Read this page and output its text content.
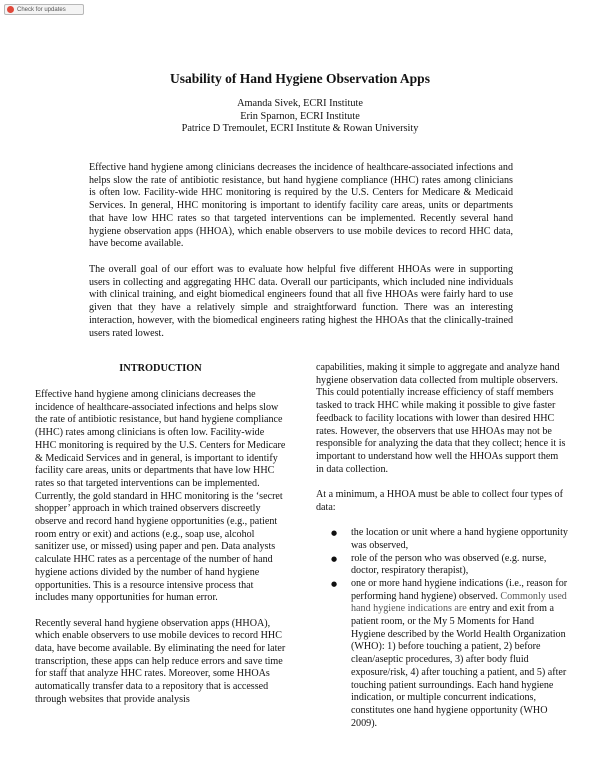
Check for updates
Usability of Hand Hygiene Observation Apps
Amanda Sivek, ECRI Institute
Erin Sparnon, ECRI Institute
Patrice D Tremoulet, ECRI Institute & Rowan University

Effective hand hygiene among clinicians decreases the incidence of healthcare-associated infections and helps slow the rate of antibiotic resistance, but hand hygiene compliance (HHC) rates among clinicians is often low. Facility-wide HHC monitoring is required by the U.S. Centers for Medicare & Medicaid Services. In general, HHC monitoring is important to identify facility care areas, units or departments that have low HHC rates so that targeted interventions can be implemented. Recently several hand hygiene observation apps (HHOA), which enable observers to use mobile devices to record HHC data, have become available.

The overall goal of our effort was to evaluate how helpful five different HHOAs were in supporting users in collecting and aggregating HHC data. Overall our participants, which included nine individuals with clinical training, and eight biomedical engineers found that all five HHOAs were fairly hard to use given that they have a relatively simple and straightforward function. There was an interesting interaction, however, with the biomedical engineers rating highest the HHOAs that the clinically-trained users rated lowest.

INTRODUCTION

Effective hand hygiene among clinicians decreases the incidence of healthcare-associated infections and helps slow the rate of antibiotic resistance, but hand hygiene compliance (HHC) rates among clinicians is often low. Facility-wide HHC monitoring is required by the U.S. Centers for Medicare & Medicaid Services and in general, is important to identify facility care areas, units or departments that have low HHC rates so that targeted interventions can be implemented. Currently, the gold standard in HHC monitoring is the ‘secret shopper’ approach in which trained observers discreetly observe and record hand hygiene opportunities (e.g., patient room entry or exit) and actions (e.g., soap use, alcohol sanitizer use, or missed) using paper and pen. Data analysts calculate HHC rates as a percentage of the number of hand hygiene actions divided by the number of hand hygiene opportunities. This is a resource intensive process that includes many opportunities for human error.

Recently several hand hygiene observation apps (HHOA), which enable observers to use mobile devices to record HHC data, have become available. By eliminating the need for later transcription, these apps can help reduce errors and save time for staff that analyze HHC rates. Moreover, some HHOAs automatically transfer data to a repository that is accessed through websites that provide analysis

capabilities, making it simple to aggregate and analyze hand hygiene observation data collected from multiple observers. This could potentially increase efficiency of staff members tasked to track HHC while making it possible to give faster feedback to facility locations with lower than desired HHC rates. However, the observers that use HHOAs may not be responsible for analyzing the data that they collect; hence it is important to understand how well the HHOAs support them in data collection.

At a minimum, a HHOA must be able to collect four types of data:

● the location or unit where a hand hygiene opportunity was observed,
● role of the person who was observed (e.g. nurse, doctor, respiratory therapist),
● one or more hand hygiene indications (i.e., reason for performing hand hygiene) observed. Commonly used hand hygiene indications are entry and exit from a patient room, or the My 5 Moments for Hand Hygiene described by the World Health Organization (WHO): 1) before touching a patient, 2) before clean/aseptic procedures, 3) after body fluid exposure/risk, 4) after touching a patient, and 5) after touching patient surroundings. Each hand hygiene indication, or multiple concurrent indications, constitutes one hand hygiene opportunity (WHO 2009).
